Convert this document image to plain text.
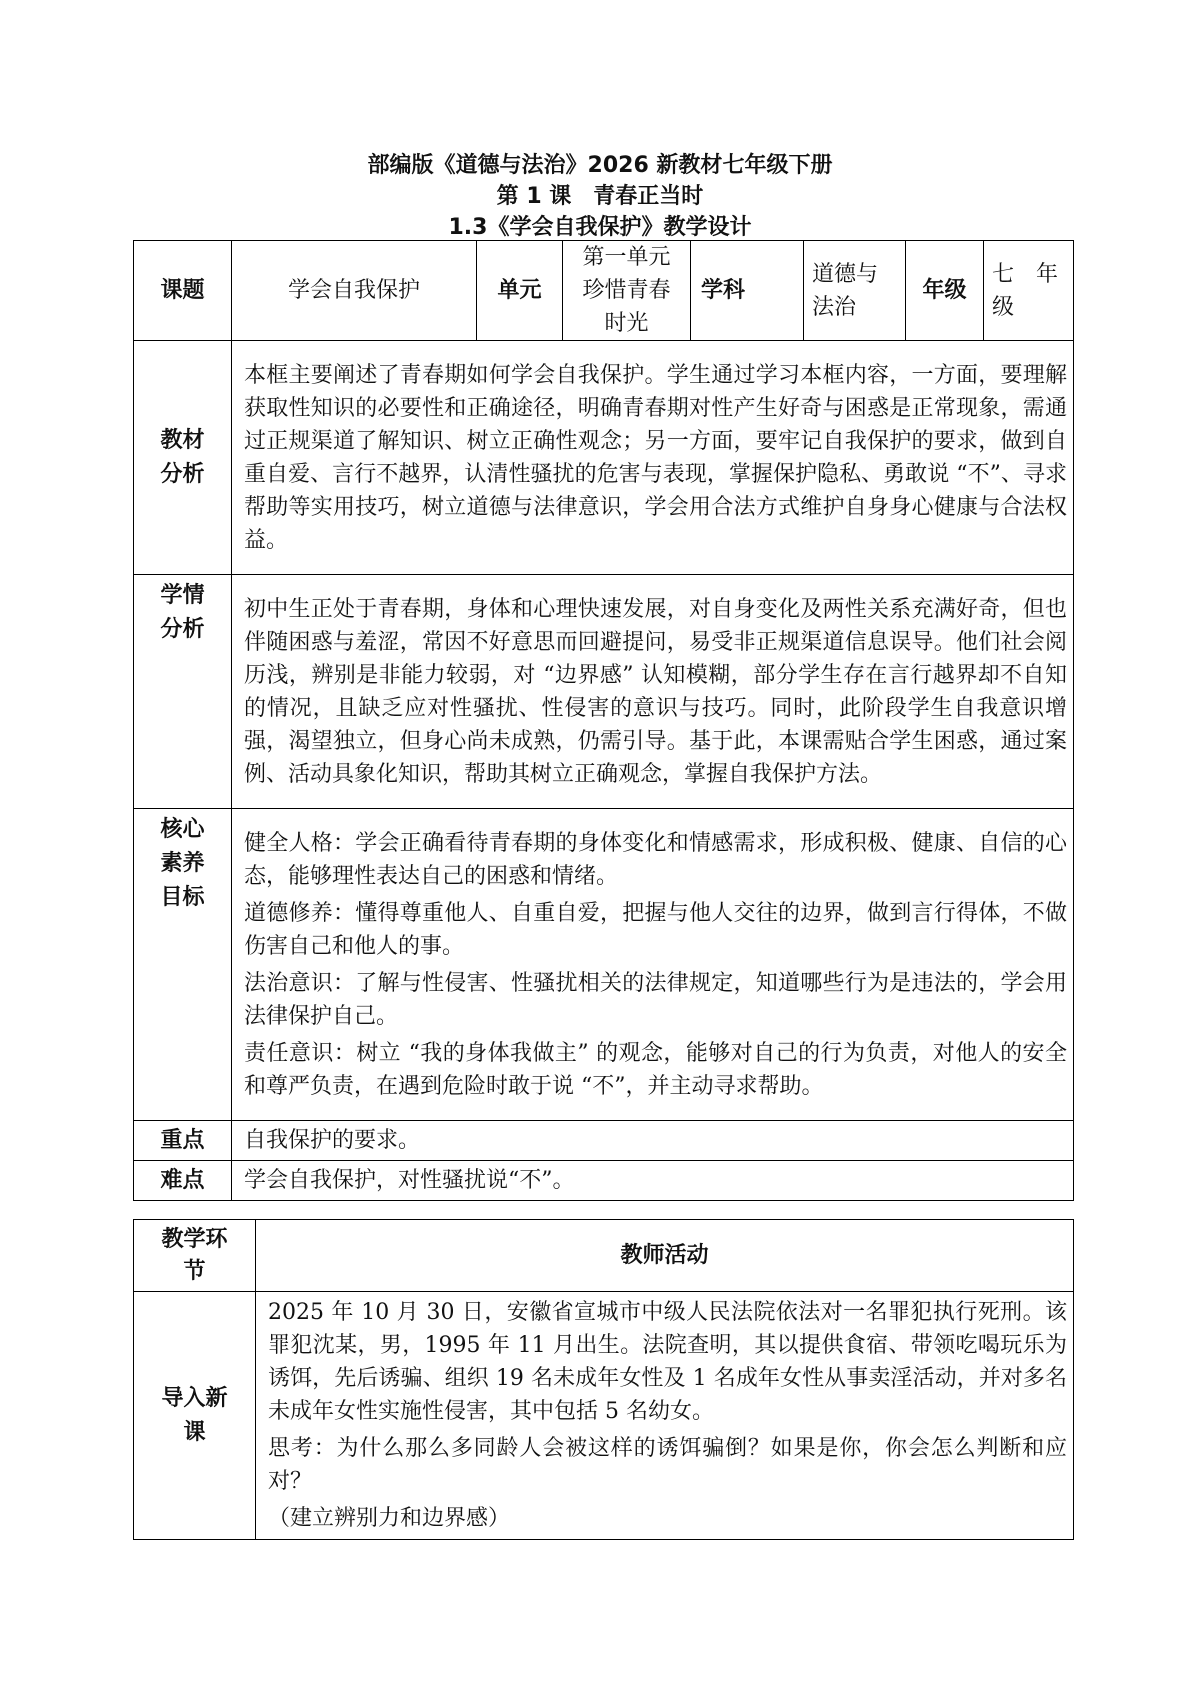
部编版《道德与法治》2026 新教材七年级下册
第 1 课　青春正当时
1.3《学会自我保护》教学设计
课题	学会自我保护	单元	第一单元　珍惜青春时光	学科	道德与法治	年级	七　年级
教材分析	本框主要阐述了青春期如何学会自我保护。学生通过学习本框内容，一方面，要理解获取性知识的必要性和正确途径，明确青春期对性产生好奇与困惑是正常现象，需通过正规渠道了解知识、树立正确性观念；另一方面，要牢记自我保护的要求，做到自重自爱、言行不越界，认清性骚扰的危害与表现，掌握保护隐私、勇敢说 “不”、寻求帮助等实用技巧，树立道德与法律意识，学会用合法方式维护自身身心健康与合法权益。						
学情分析	初中生正处于青春期，身体和心理快速发展，对自身变化及两性关系充满好奇，但也伴随困惑与羞涩，常因不好意思而回避提问，易受非正规渠道信息误导。他们社会阅历浅，辨别是非能力较弱，对 “边界感” 认知模糊，部分学生存在言行越界却不自知的情况，且缺乏应对性骚扰、性侵害的意识与技巧。同时，此阶段学生自我意识增强，渴望独立，但身心尚未成熟，仍需引导。基于此，本课需贴合学生困惑，通过案例、活动具象化知识，帮助其树立正确观念，掌握自我保护方法。						
核心素养目标	健全人格：学会正确看待青春期的身体变化和情感需求，形成积极、健康、自信的心态，能够理性表达自己的困惑和情绪。

道德修养：懂得尊重他人、自重自爱，把握与他人交往的边界，做到言行得体，不做伤害自己和他人的事。

法治意识：了解与性侵害、性骚扰相关的法律规定，知道哪些行为是违法的，学会用法律保护自己。

责任意识：树立 “我的身体我做主” 的观念，能够对自己的行为负责，对他人的安全和尊严负责，在遇到危险时敢于说 “不”，并主动寻求帮助。						

重点	自我保护的要求。						
难点	学会自我保护，对性骚扰说“不”。						
教学环节	教师活动
导入新课	2025 年 10 月 30 日，安徽省宣城市中级人民法院依法对一名罪犯执行死刑。该罪犯沈某，男，1995 年 11 月出生。法院查明，其以提供食宿、带领吃喝玩乐为诱饵，先后诱骗、组织 19 名未成年女性及 1 名成年女性从事卖淫活动，并对多名未成年女性实施性侵害，其中包括 5 名幼女。

思考：为什么那么多同龄人会被这样的诱饵骗倒？如果是你，你会怎么判断和应对？

（建立辨别力和边界感）
